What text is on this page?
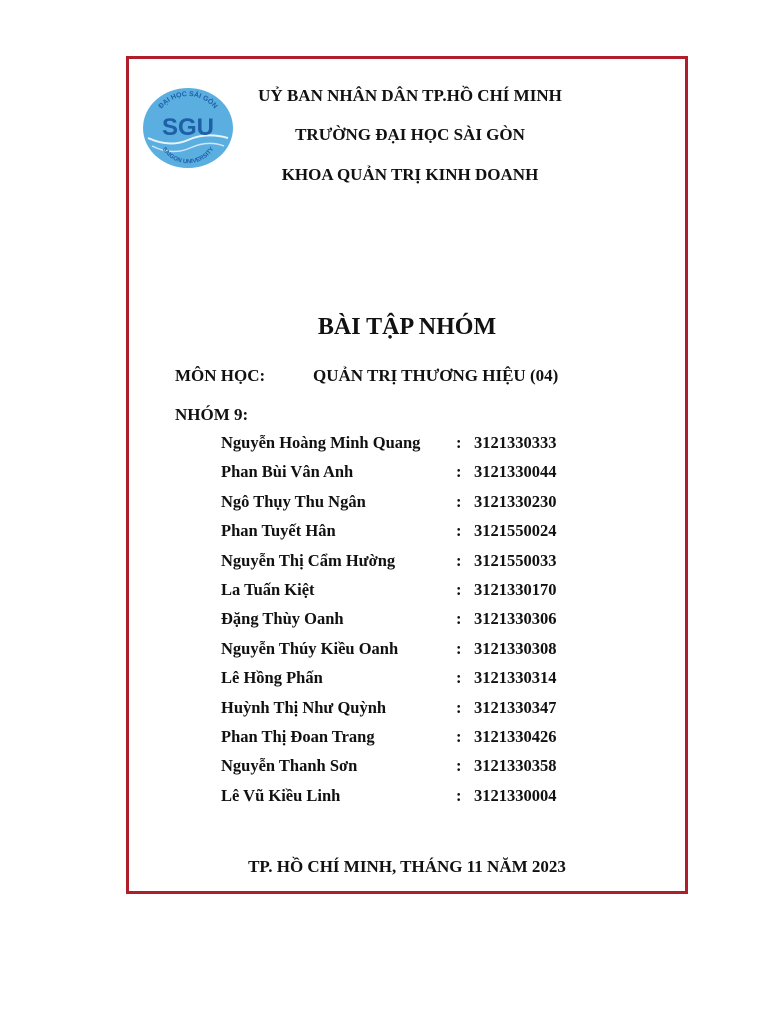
ĐẠI HỌC SÀI GÒN
SGU
SAIGON UNIVERSITY
UỶ BAN NHÂN DÂN TP.HỒ CHÍ MINH
TRƯỜNG ĐẠI HỌC SÀI GÒN
KHOA QUẢN TRỊ KINH DOANH
BÀI TẬP NHÓM
MÔN HỌC:	QUẢN TRỊ THƯƠNG HIỆU (04)
NHÓM 9:
Nguyễn Hoàng Minh Quang : 3121330333
Phan Bùi Vân Anh	: 3121330044
Ngô Thụy Thu Ngân	: 3121330230
Phan Tuyết Hân	: 3121550024
Nguyễn Thị Cẩm Hường	: 3121550033
La Tuấn Kiệt	: 3121330170
Đặng Thùy Oanh	: 3121330306
Nguyễn Thúy Kiều Oanh	: 3121330308
Lê Hồng Phấn	: 3121330314
Huỳnh Thị Như Quỳnh	: 3121330347
Phan Thị Đoan Trang	: 3121330426
Nguyễn Thanh Sơn	: 3121330358
Lê Vũ Kiều Linh	: 3121330004
TP. HỒ CHÍ MINH, THÁNG 11 NĂM 2023
